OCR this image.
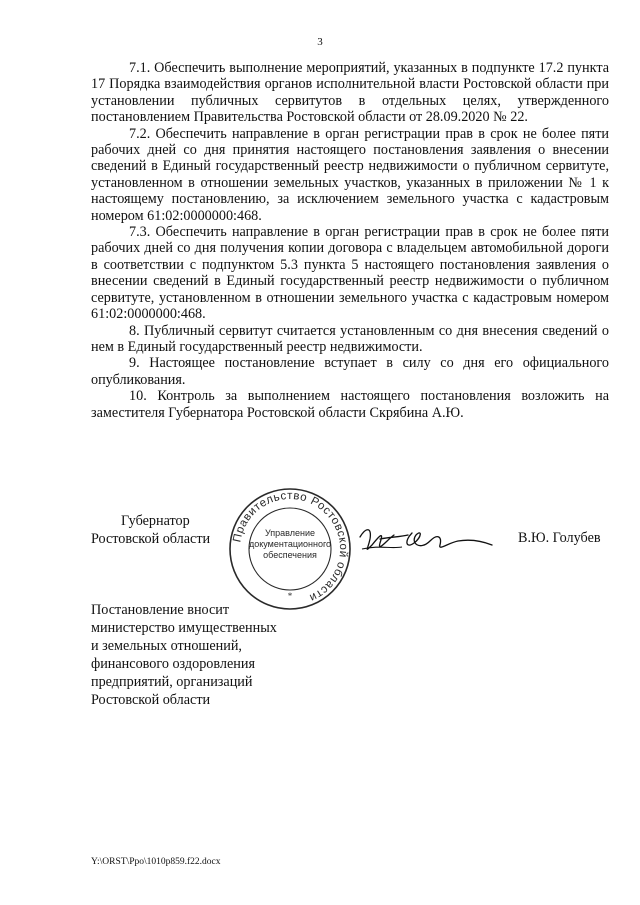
3

7.1. Обеспечить выполнение мероприятий, указанных в подпункте 17.2 пункта 17 Порядка взаимодействия органов исполнительной власти Ростовской области при установлении публичных сервитутов в отдельных целях, утвержденного постановлением Правительства Ростовской области от 28.09.2020 № 22.

7.2. Обеспечить направление в орган регистрации прав в срок не более пяти рабочих дней со дня принятия настоящего постановления заявления о внесении сведений в Единый государственный реестр недвижимости о публичном сервитуте, установленном в отношении земельных участков, указанных в приложении № 1 к настоящему постановлению, за исключением земельного участка с кадастровым номером 61:02:0000000:468.

7.3. Обеспечить направление в орган регистрации прав в срок не более пяти рабочих дней со дня получения копии договора с владельцем автомобильной дороги в соответствии с подпунктом 5.3 пункта 5 настоящего постановления заявления о внесении сведений в Единый государственный реестр недвижимости о публичном сервитуте, установленном в отношении земельного участка с кадастровым номером 61:02:0000000:468.

8. Публичный сервитут считается установленным со дня внесения сведений о нем в Единый государственный реестр недвижимости.

9. Настоящее постановление вступает в силу со дня его официального опубликования.

10. Контроль за выполнением настоящего постановления возложить на заместителя Губернатора Ростовской области Скрябина А.Ю.

Губернатор
Ростовской области	Правительство Ростовской области
*
Управление
документационного
обеспечения
В.Ю. Голубев
Постановление вносит
министерство имущественных
и земельных отношений,
финансового оздоровления
предприятий, организаций
Ростовской области
Y:\ORST\Ppo\1010p859.f22.docx
